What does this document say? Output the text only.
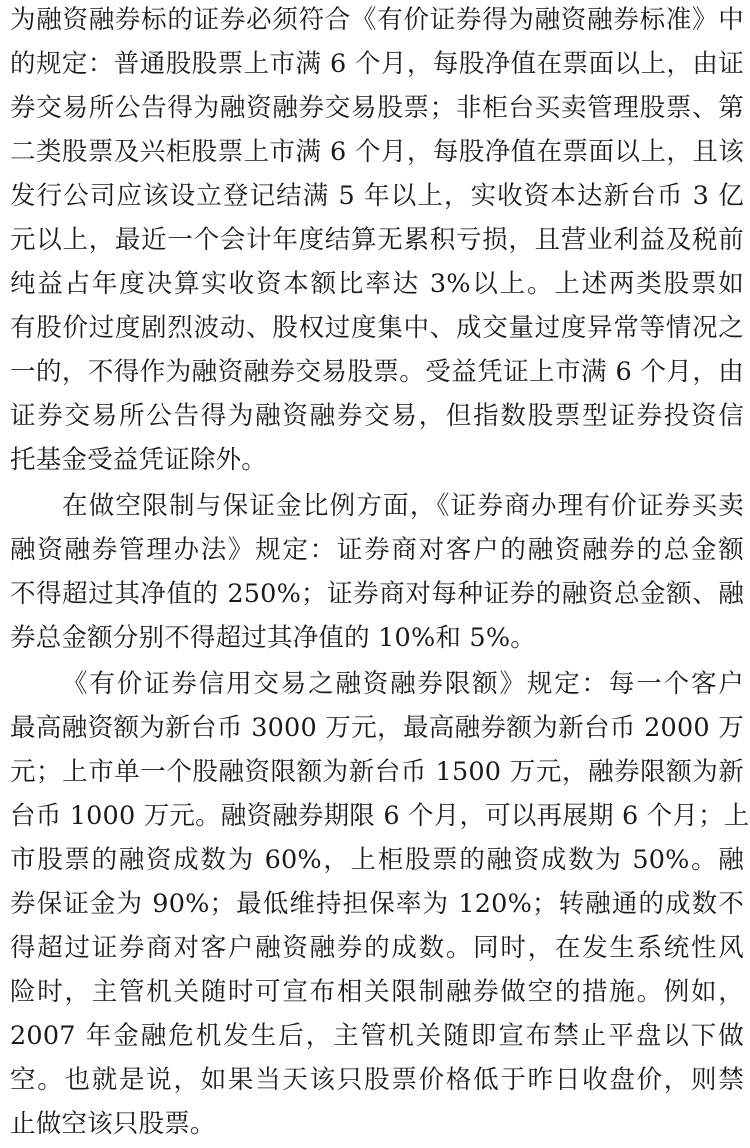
为融资融券标的证券必须符合《有价证券得为融资融券标准》中
的规定：普通股股票上市满 6 个月，每股净值在票面以上，由证
券交易所公告得为融资融券交易股票；非柜台买卖管理股票、第
二类股票及兴柜股票上市满 6 个月，每股净值在票面以上，且该
发行公司应该设立登记结满 5 年以上，实收资本达新台币 3 亿
元以上，最近一个会计年度结算无累积亏损，且营业利益及税前
纯益占年度决算实收资本额比率达 3%以上。上述两类股票如
有股价过度剧烈波动、股权过度集中、成交量过度异常等情况之
一的，不得作为融资融券交易股票。受益凭证上市满 6 个月，由
证券交易所公告得为融资融券交易，但指数股票型证券投资信
托基金受益凭证除外。
在做空限制与保证金比例方面，《证券商办理有价证券买卖
融资融券管理办法》规定：证券商对客户的融资融券的总金额
不得超过其净值的 250%；证券商对每种证券的融资总金额、融
券总金额分别不得超过其净值的 10%和 5%。
《有价证券信用交易之融资融券限额》规定：每一个客户
最高融资额为新台币 3000 万元，最高融券额为新台币 2000 万
元；上市单一个股融资限额为新台币 1500 万元，融券限额为新
台币 1000 万元。融资融券期限 6 个月，可以再展期 6 个月；上
市股票的融资成数为 60%，上柜股票的融资成数为 50%。融
券保证金为 90%；最低维持担保率为 120%；转融通的成数不
得超过证券商对客户融资融券的成数。同时，在发生系统性风
险时，主管机关随时可宣布相关限制融券做空的措施。例如，
2007 年金融危机发生后，主管机关随即宣布禁止平盘以下做
空。也就是说，如果当天该只股票价格低于昨日收盘价，则禁
止做空该只股票。
